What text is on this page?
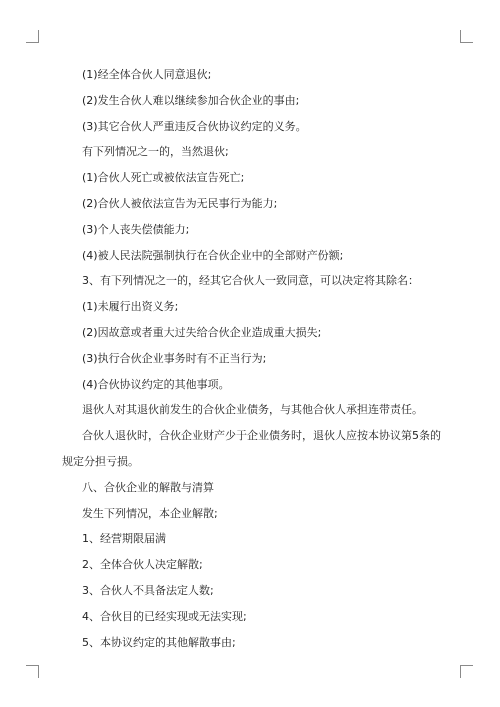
(1)经全体合伙人同意退伙;

(2)发生合伙人难以继续参加合伙企业的事由;

(3)其它合伙人严重违反合伙协议约定的义务。

有下列情况之一的，当然退伙;

(1)合伙人死亡或被依法宣告死亡;

(2)合伙人被依法宣告为无民事行为能力;

(3)个人丧失偿债能力;

(4)被人民法院强制执行在合伙企业中的全部财产份额;

3、有下列情况之一的，经其它合伙人一致同意，可以决定将其除名：

(1)未履行出资义务;

(2)因故意或者重大过失给合伙企业造成重大损失;

(3)执行合伙企业事务时有不正当行为;

(4)合伙协议约定的其他事项。

退伙人对其退伙前发生的合伙企业债务，与其他合伙人承担连带责任。

合伙人退伙时，合伙企业财产少于企业债务时，退伙人应按本协议第5条的规定分担亏损。

八、合伙企业的解散与清算

发生下列情况，本企业解散;

1、经营期限届满

2、全体合伙人决定解散;

3、合伙人不具备法定人数;

4、合伙目的已经实现或无法实现;

5、本协议约定的其他解散事由;
